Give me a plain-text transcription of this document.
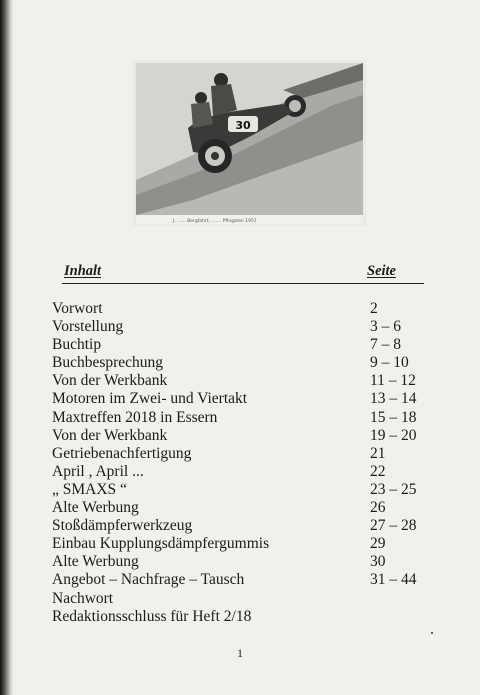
30
J. ...... Bergfahrt, ....... Pfingsten 1957
Inhalt	Seite
Vorwort	2
Vorstellung	3 – 6
Buchtip	7 – 8
Buchbesprechung	9 – 10
Von der Werkbank	11 – 12
Motoren im Zwei- und Viertakt	13 – 14
Maxtreffen 2018 in Essern	15 – 18
Von der Werkbank	19 – 20
Getriebenachfertigung	21
April , April ...	22
„ SMAXS “	23 – 25
Alte Werbung	26
Stoßdämpferwerkzeug	27 – 28
Einbau Kupplungsdämpfergummis	29
Alte Werbung	30
Angebot – Nachfrage – Tausch	31 – 44
Nachwort
Redaktionsschluss für Heft 2/18
1
